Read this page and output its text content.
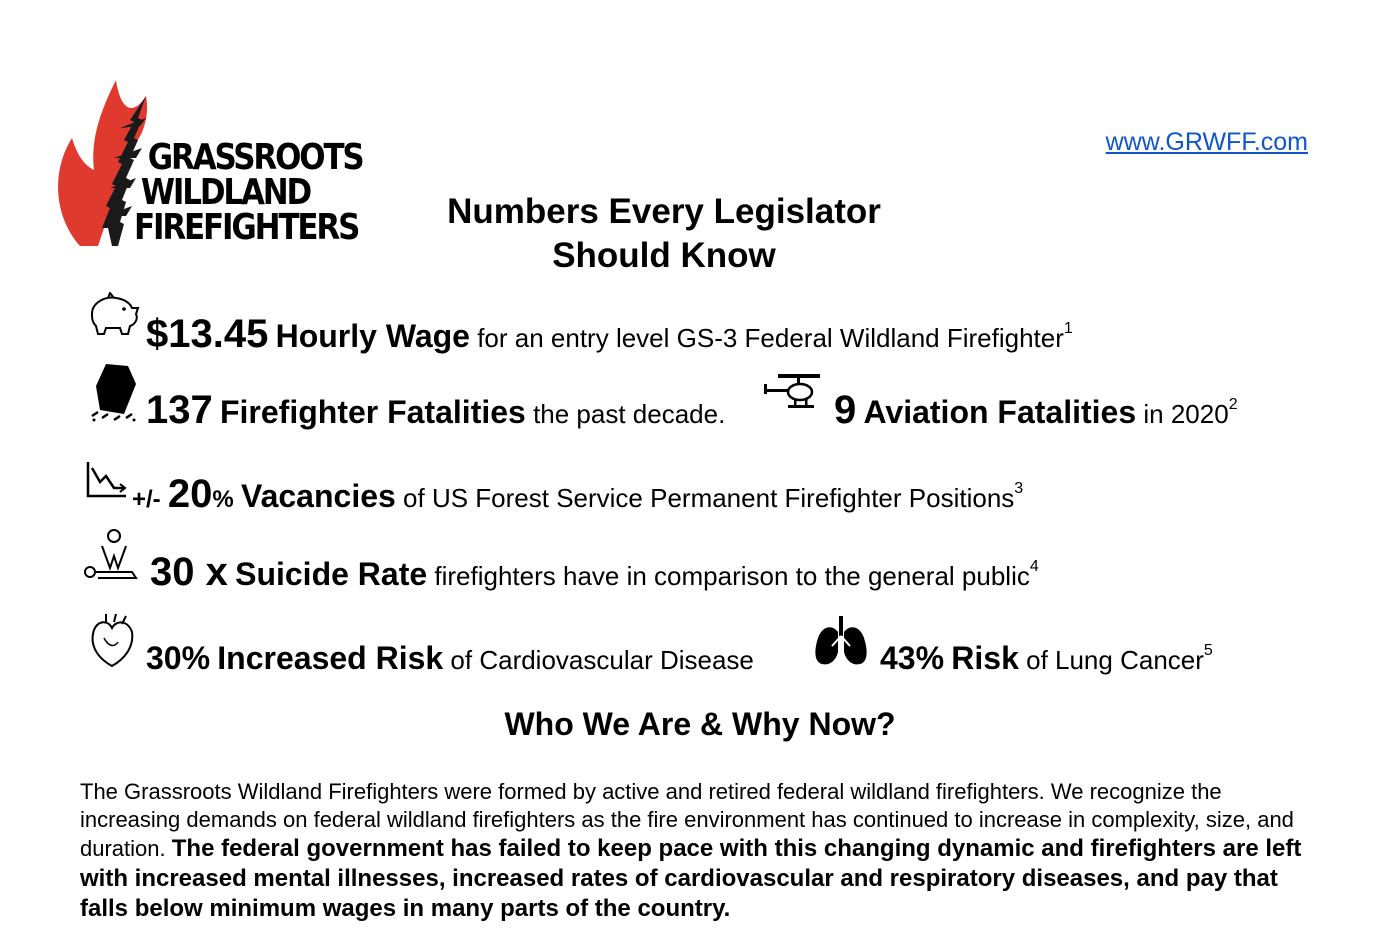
GRASSROOTS
WILDLAND
FIREFIGHTERS
www.GRWFF.com
Numbers Every Legislator
Should Know
$13.45 Hourly Wage for an entry level GS-3 Federal Wildland Firefighter$^1$
137 Firefighter Fatalities the past decade.	9 Aviation Fatalities in $2020^2$
+/- 20% Vacancies of US Forest Service Permanent Firefighter Positions$^3$
30 x Suicide Rate firefighters have in comparison to the general public$^4$
30% Increased Risk of Cardiovascular Disease	43% Risk of Lung Cancer$^5$
Who We Are & Why Now?
The Grassroots Wildland Firefighters were formed by active and retired federal wildland firefighters. We recognize the increasing demands on federal wildland firefighters as the fire environment has continued to increase in complexity, size, and duration. The federal government has failed to keep pace with this changing dynamic and firefighters are left with increased mental illnesses, increased rates of cardiovascular and respiratory diseases, and pay that falls below minimum wages in many parts of the country.
